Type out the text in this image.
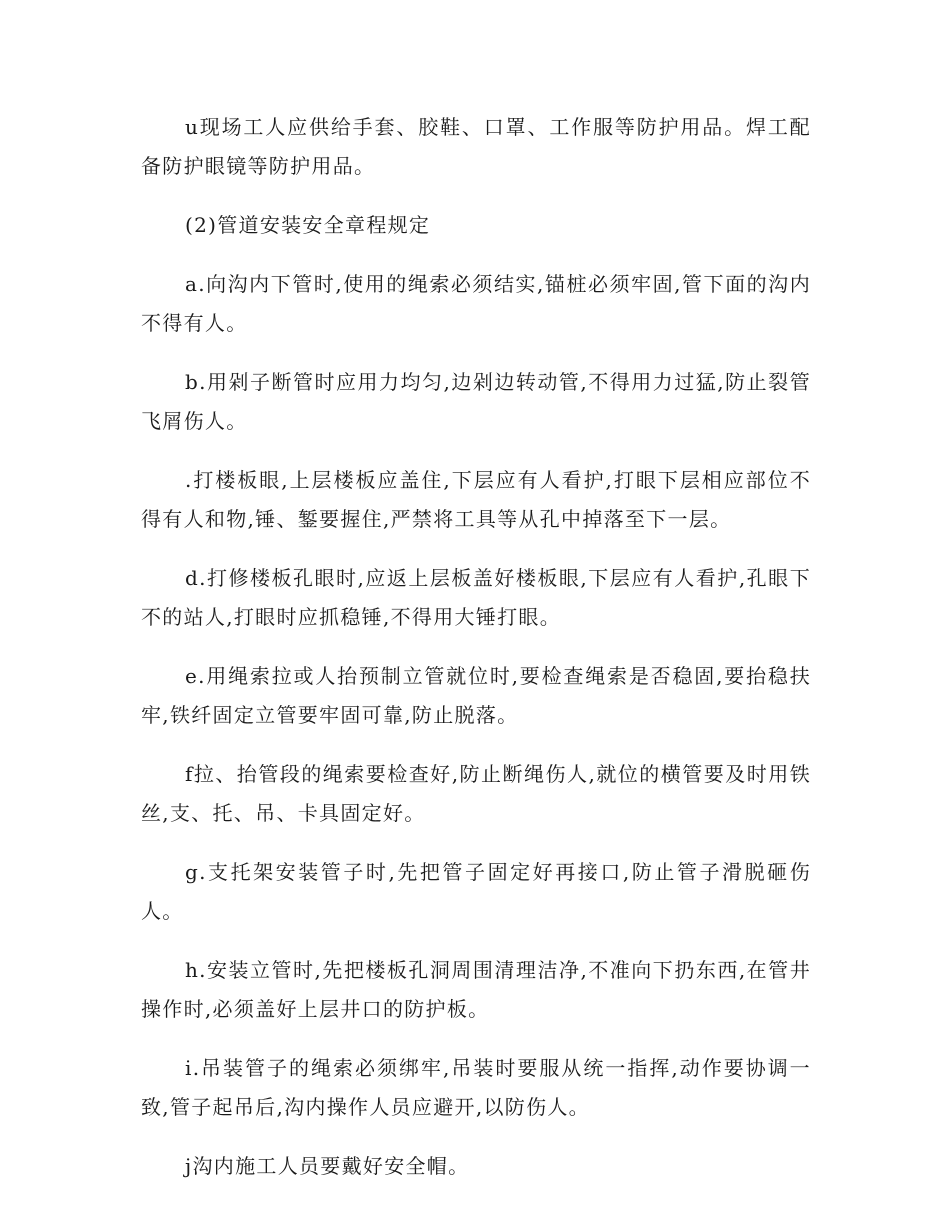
u现场工人应供给手套、胶鞋、口罩、工作服等防护用品。焊工配备防护眼镜等防护用品。

(2)管道安装安全章程规定

a.向沟内下管时,使用的绳索必须结实,锚桩必须牢固,管下面的沟内不得有人。

b.用剁子断管时应用力均匀,边剁边转动管,不得用力过猛,防止裂管飞屑伤人。

.打楼板眼,上层楼板应盖住,下层应有人看护,打眼下层相应部位不得有人和物,锤、錾要握住,严禁将工具等从孔中掉落至下一层。

d.打修楼板孔眼时,应返上层板盖好楼板眼,下层应有人看护,孔眼下不的站人,打眼时应抓稳锤,不得用大锤打眼。

e.用绳索拉或人抬预制立管就位时,要检查绳索是否稳固,要抬稳扶牢,铁纤固定立管要牢固可靠,防止脱落。

f拉、抬管段的绳索要检查好,防止断绳伤人,就位的横管要及时用铁丝,支、托、吊、卡具固定好。

g.支托架安装管子时,先把管子固定好再接口,防止管子滑脱砸伤人。

h.安装立管时,先把楼板孔洞周围清理洁净,不准向下扔东西,在管井操作时,必须盖好上层井口的防护板。

i.吊装管子的绳索必须绑牢,吊装时要服从统一指挥,动作要协调一致,管子起吊后,沟内操作人员应避开,以防伤人。

j沟内施工人员要戴好安全帽。
